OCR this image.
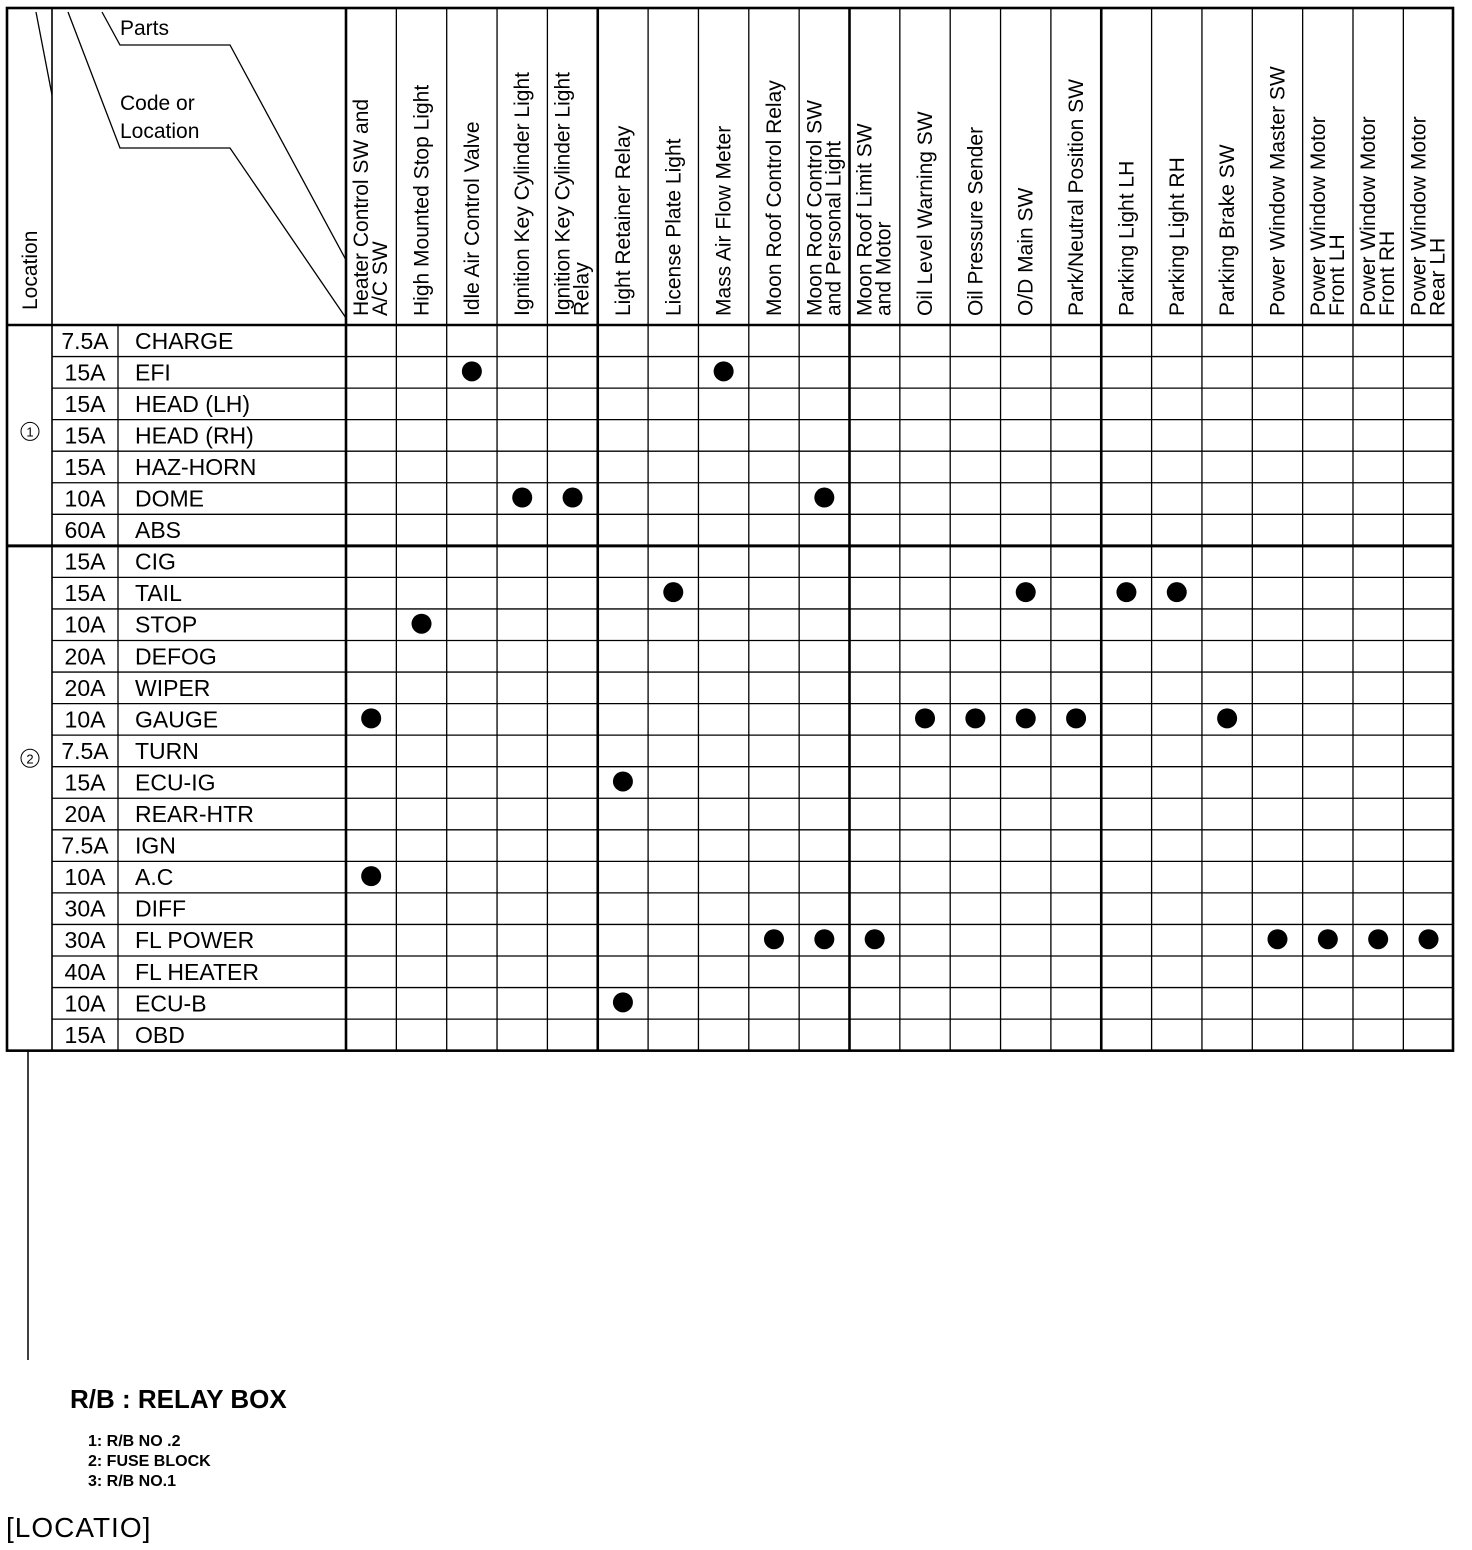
Parts
Code or
Location
Location	Heater Control SW and
A/C SW High Mounted Stop Light Idle Air Control Valve Ignition Key Cylinder Light Ignition Key Cylinder Light
Relay Light Retainer Relay License Plate Light Mass Air Flow Meter Moon Roof Control Relay Moon Roof Control SW
and Personal Light Moon Roof Limit SW
and Motor Oil Level Warning SW Oil Pressure Sender O/D Main SW Park/Neutral Position SW Parking Light LH Parking Light RH Parking Brake SW Power Window Master SW Power Window Motor
Front LH Power Window Motor
Front RH Power Window Motor
Rear LH
7.5A CHARGE
15A EFI
15A HEAD (LH)
15A HEAD (RH)
15A HAZ-HORN
10A DOME
60A ABS
15A CIG
15A TAIL
10A STOP
20A DEFOG
20A WIPER
10A GAUGE
7.5A TURN
15A ECU-IG
20A REAR-HTR
7.5A IGN
10A A.C
30A DIFF
30A FL POWER
40A FL HEATER
10A ECU-B
15A OBD
1
2
R/B : RELAY BOX
1: R/B NO .2
2: FUSE BLOCK
3: R/B NO.1
[LOCATIO]
